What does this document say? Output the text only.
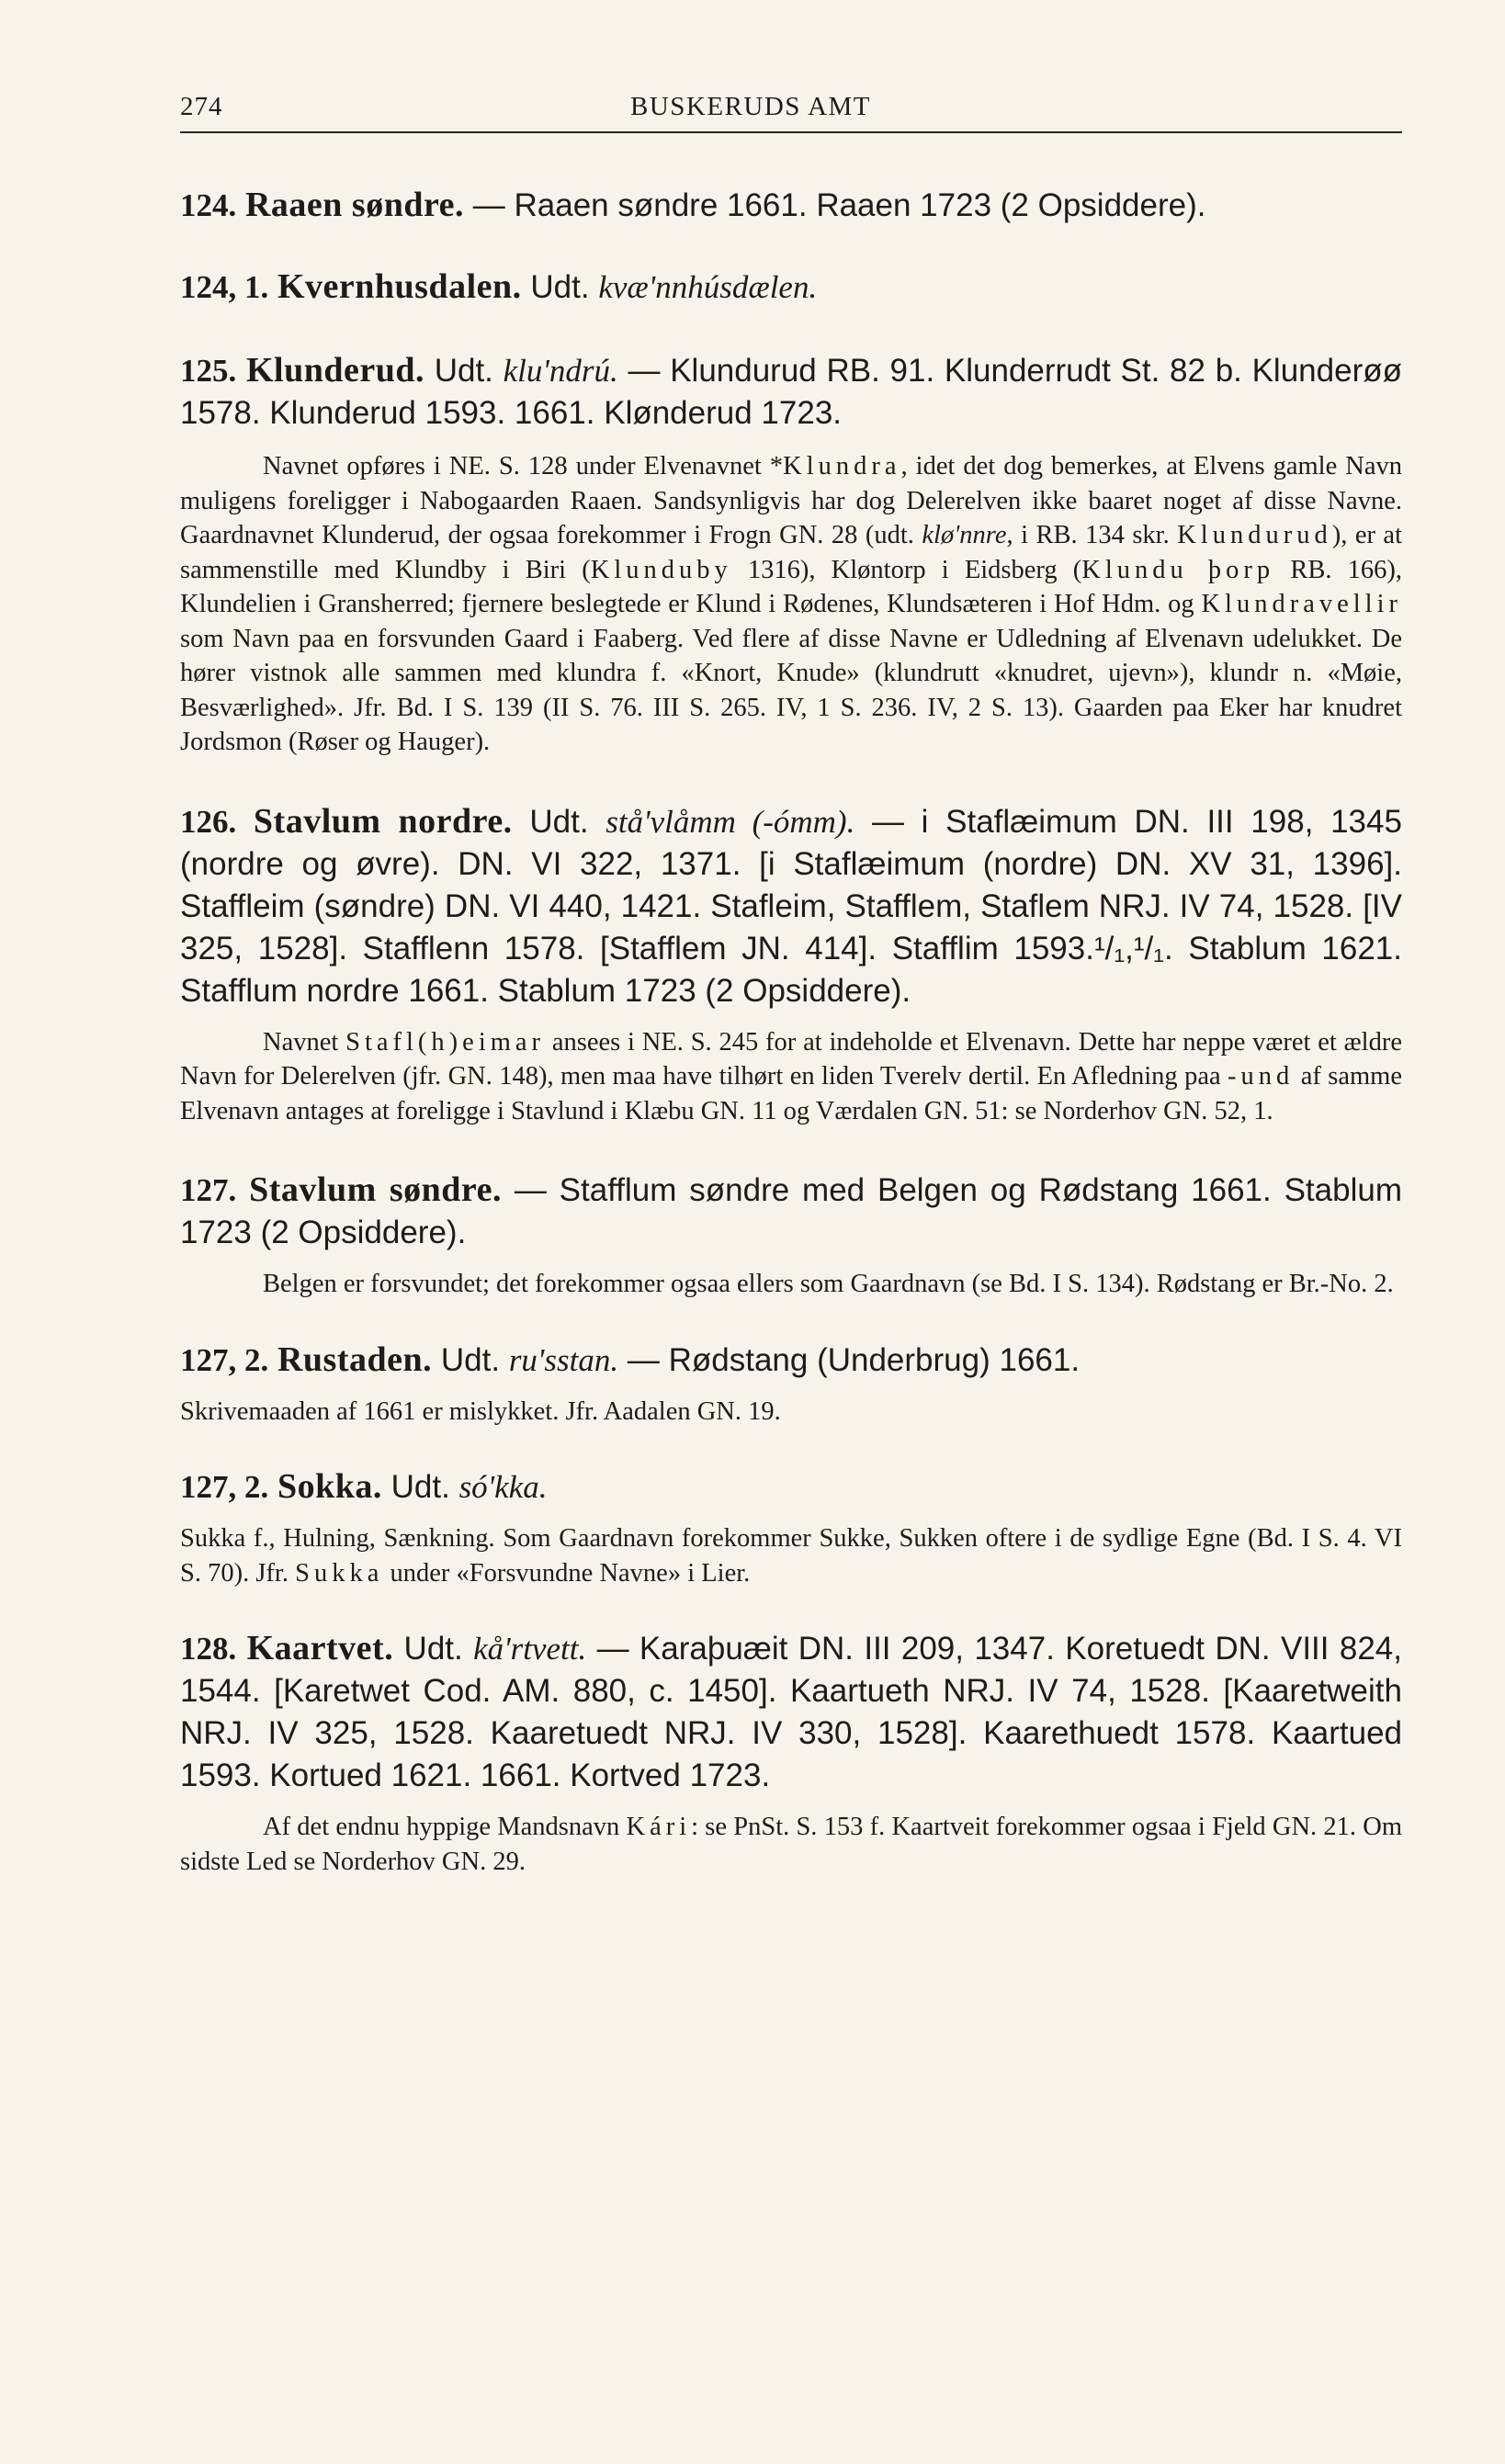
274	BUSKERUDS AMT

124. Raaen søndre. — Raaen søndre 1661. Raaen 1723 (2 Opsiddere).

124, 1. Kvernhusdalen. Udt. kvæ'nnhúsdælen.

125. Klunderud. Udt. klu'ndrú. — Klundurud RB. 91. Klunderrudt St. 82 b. Klunderøø 1578. Klunderud 1593. 1661. Klønderud 1723.

Navnet opføres i NE. S. 128 under Elvenavnet *Klundra, idet det dog bemerkes, at Elvens gamle Navn muligens foreligger i Nabogaarden Raaen. Sandsynligvis har dog Delerelven ikke baaret noget af disse Navne. Gaardnavnet Klunderud, der ogsaa forekommer i Frogn GN. 28 (udt. klø'nnre, i RB. 134 skr. Klundurud), er at sammenstille med Klundby i Biri (Klunduby 1316), Kløntorp i Eidsberg (Klundu þorp RB. 166), Klundelien i Gransherred; fjernere beslegtede er Klund i Rødenes, Klundsæteren i Hof Hdm. og Klundravellir som Navn paa en forsvunden Gaard i Faaberg. Ved flere af disse Navne er Udledning af Elvenavn udelukket. De hører vistnok alle sammen med klundra f. «Knort, Knude» (klundrutt «knudret, ujevn»), klundr n. «Møie, Besværlighed». Jfr. Bd. I S. 139 (II S. 76. III S. 265. IV, 1 S. 236. IV, 2 S. 13). Gaarden paa Eker har knudret Jordsmon (Røser og Hauger).

126. Stavlum nordre. Udt. stå'vlåmm (-ómm). — i Staflæimum DN. III 198, 1345 (nordre og øvre). DN. VI 322, 1371. [i Staflæimum (nordre) DN. XV 31, 1396]. Staffleim (søndre) DN. VI 440, 1421. Stafleim, Stafflem, Staflem NRJ. IV 74, 1528. [IV 325, 1528]. Stafflenn 1578. [Stafflem JN. 414]. Stafflim 1593.¹/₁,¹/₁. Stablum 1621. Stafflum nordre 1661. Stablum 1723 (2 Opsiddere).

Navnet Stafl(h)eimar ansees i NE. S. 245 for at indeholde et Elvenavn. Dette har neppe været et ældre Navn for Delerelven (jfr. GN. 148), men maa have tilhørt en liden Tverelv dertil. En Afledning paa -und af samme Elvenavn antages at foreligge i Stavlund i Klæbu GN. 11 og Værdalen GN. 51: se Norderhov GN. 52, 1.

127. Stavlum søndre. — Stafflum søndre med Belgen og Rødstang 1661. Stablum 1723 (2 Opsiddere).

Belgen er forsvundet; det forekommer ogsaa ellers som Gaardnavn (se Bd. I S. 134). Rødstang er Br.-No. 2.

127, 2. Rustaden. Udt. ru'sstan. — Rødstang (Underbrug) 1661.

Skrivemaaden af 1661 er mislykket. Jfr. Aadalen GN. 19.

127, 2. Sokka. Udt. só'kka.

Sukka f., Hulning, Sænkning. Som Gaardnavn forekommer Sukke, Sukken oftere i de sydlige Egne (Bd. I S. 4. VI S. 70). Jfr. Sukka under «Forsvundne Navne» i Lier.

128. Kaartvet. Udt. kå'rtvett. — Karaþuæit DN. III 209, 1347. Koretuedt DN. VIII 824, 1544. [Karetwet Cod. AM. 880, c. 1450]. Kaartueth NRJ. IV 74, 1528. [Kaaretweith NRJ. IV 325, 1528. Kaaretuedt NRJ. IV 330, 1528]. Kaarethuedt 1578. Kaartued 1593. Kortued 1621. 1661. Kortved 1723.

Af det endnu hyppige Mandsnavn Kári: se PnSt. S. 153 f. Kaartveit forekommer ogsaa i Fjeld GN. 21. Om sidste Led se Norderhov GN. 29.
